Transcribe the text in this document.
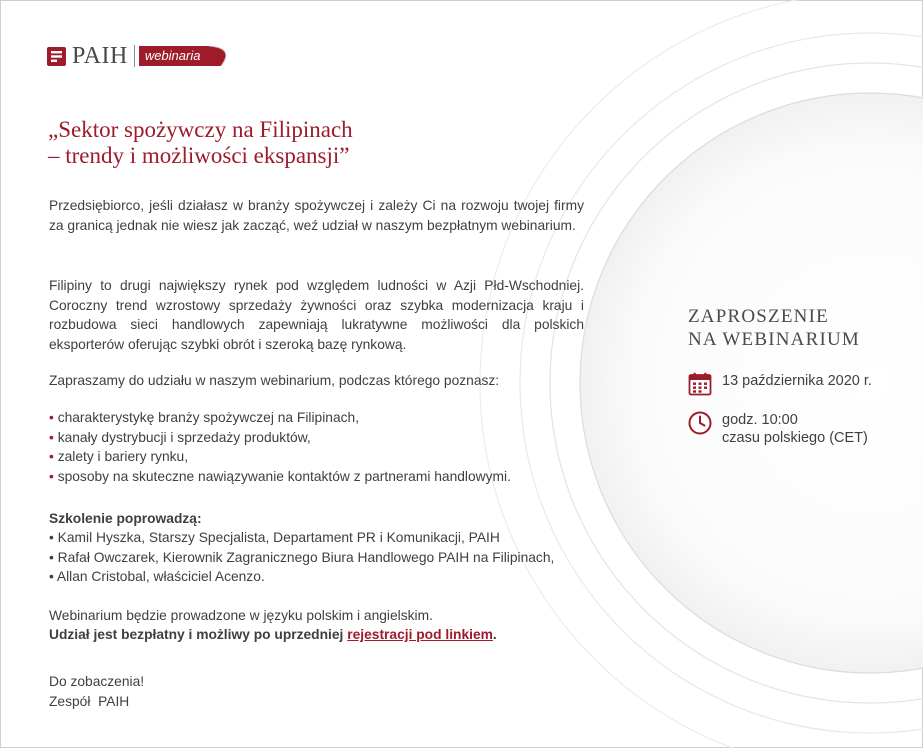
PAIH webinaria
„Sektor spożywczy na Filipinach
– trendy i możliwości ekspansji”
Przedsiębiorco, jeśli działasz w branży spożywczej i zależy Ci na rozwoju twojej firmy za granicą jednak nie wiesz jak zacząć, weź udział w naszym bezpłatnym webinarium.
Filipiny to drugi największy rynek pod względem ludności w Azji Płd-Wschodniej. Coroczny trend wzrostowy sprzedaży żywności oraz szybka modernizacja kraju i rozbudowa sieci handlowych zapewniają lukratywne możliwości dla polskich eksporterów oferując szybki obrót i szeroką bazę rynkową.
Zapraszamy do udziału w naszym webinarium, podczas którego poznasz:
• charakterystykę branży spożywczej na Filipinach,
• kanały dystrybucji i sprzedaży produktów,
• zalety i bariery rynku,
• sposoby na skuteczne nawiązywanie kontaktów z partnerami handlowymi.
Szkolenie poprowadzą:
• Kamil Hyszka, Starszy Specjalista, Departament PR i Komunikacji, PAIH
• Rafał Owczarek, Kierownik Zagranicznego Biura Handlowego PAIH na Filipinach,
• Allan Cristobal, właściciel Acenzo.
Webinarium będzie prowadzone w języku polskim i angielskim.
Udział jest bezpłatny i możliwy po uprzedniej rejestracji pod linkiem.
Do zobaczenia!
Zespół  PAIH
ZAPROSZENIE
NA WEBINARIUM
13 października 2020 r.
godz. 10:00
czasu polskiego (CET)
